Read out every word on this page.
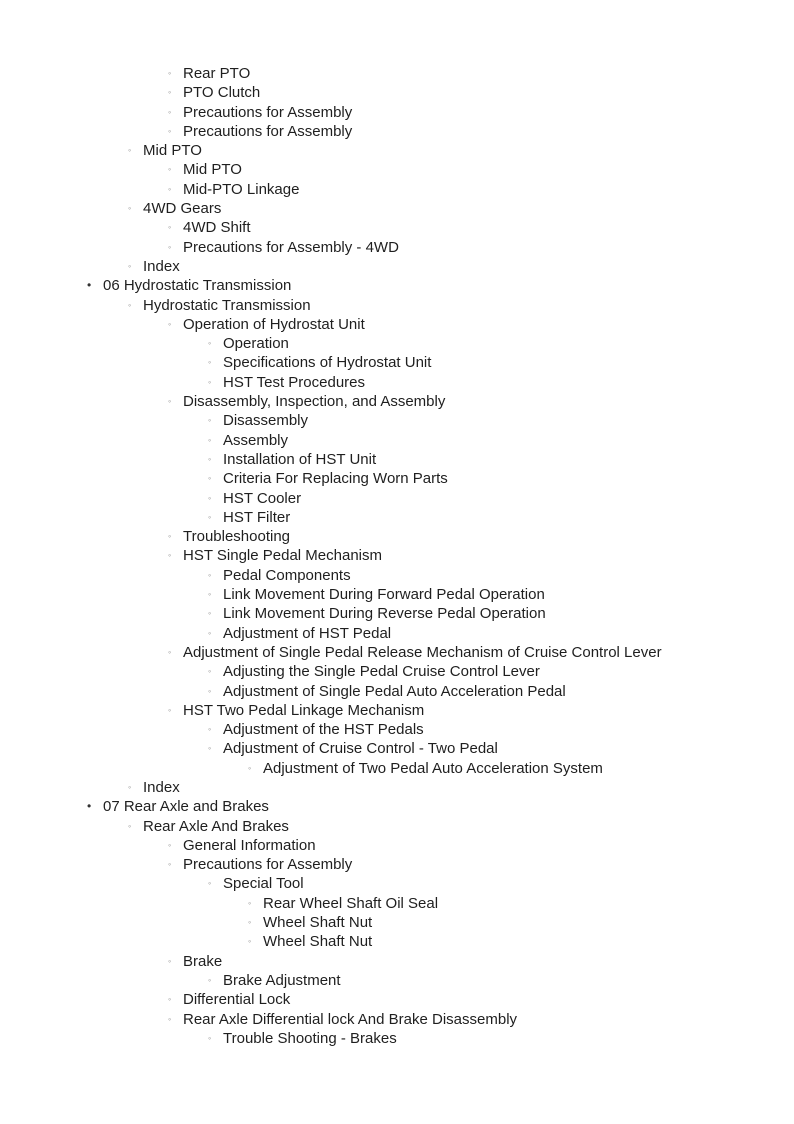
◦ Rear PTO
◦ PTO Clutch
◦ Precautions for Assembly
◦ Precautions for Assembly
◦ Mid PTO
◦ Mid PTO
◦ Mid-PTO Linkage
◦ 4WD Gears
◦ 4WD Shift
◦ Precautions for Assembly - 4WD
◦ Index
• 06 Hydrostatic Transmission
◦ Hydrostatic Transmission
◦ Operation of Hydrostat Unit
◦ Operation
◦ Specifications of Hydrostat Unit
◦ HST Test Procedures
◦ Disassembly, Inspection, and Assembly
◦ Disassembly
◦ Assembly
◦ Installation of HST Unit
◦ Criteria For Replacing Worn Parts
◦ HST Cooler
◦ HST Filter
◦ Troubleshooting
◦ HST Single Pedal Mechanism
◦ Pedal Components
◦ Link Movement During Forward Pedal Operation
◦ Link Movement During Reverse Pedal Operation
◦ Adjustment of HST Pedal
◦ Adjustment of Single Pedal Release Mechanism of Cruise Control Lever
◦ Adjusting the Single Pedal Cruise Control Lever
◦ Adjustment of Single Pedal Auto Acceleration Pedal
◦ HST Two Pedal Linkage Mechanism
◦ Adjustment of the HST Pedals
◦ Adjustment of Cruise Control - Two Pedal
◦ Adjustment of Two Pedal Auto Acceleration System
◦ Index
• 07 Rear Axle and Brakes
◦ Rear Axle And Brakes
◦ General Information
◦ Precautions for Assembly
◦ Special Tool
◦ Rear Wheel Shaft Oil Seal
◦ Wheel Shaft Nut
◦ Wheel Shaft Nut
◦ Brake
◦ Brake Adjustment
◦ Differential Lock
◦ Rear Axle Differential lock And Brake Disassembly
◦ Trouble Shooting - Brakes
